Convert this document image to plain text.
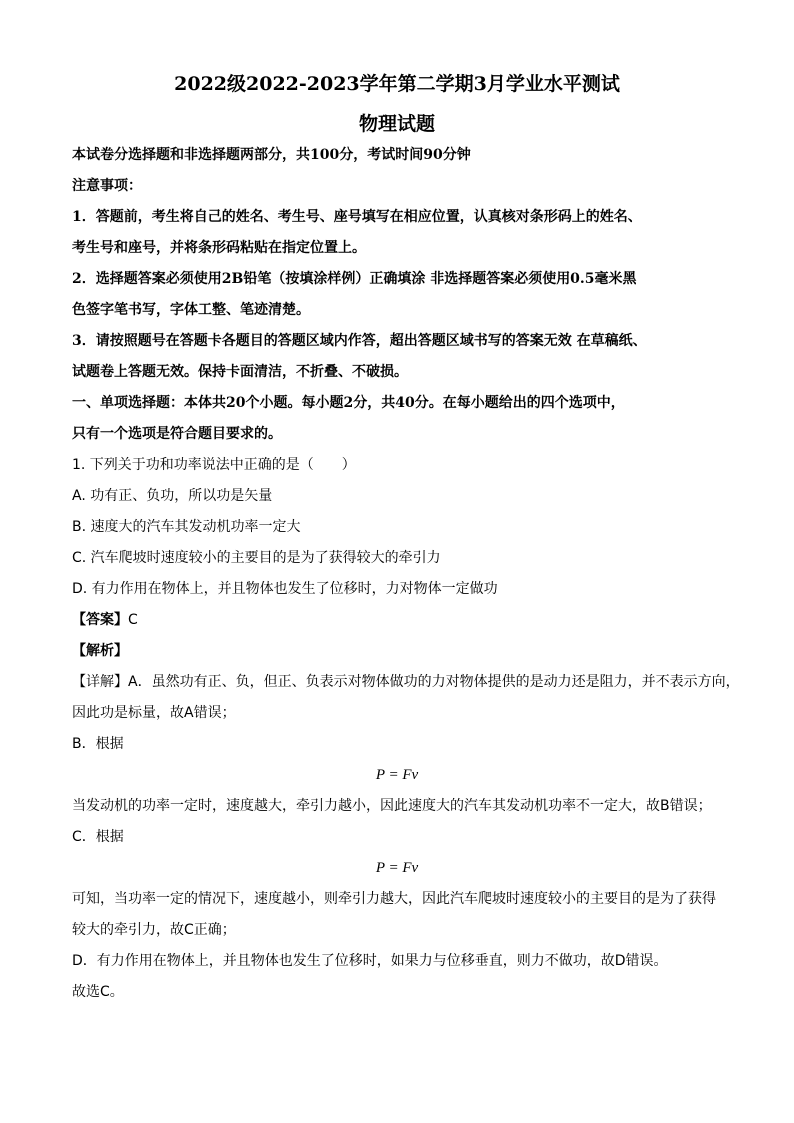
2022级2022-2023学年第二学期3月学业水平测试
物理试题
本试卷分选择题和非选择题两部分，共100分，考试时间90分钟
注意事项：
1．答题前，考生将自己的姓名、考生号、座号填写在相应位置，认真核对条形码上的姓名、
考生号和座号，并将条形码粘贴在指定位置上。
2．选择题答案必须使用2B铅笔（按填涂样例）正确填涂 非选择题答案必须使用0.5毫米黑
色签字笔书写，字体工整、笔迹清楚。
3．请按照题号在答题卡各题目的答题区域内作答，超出答题区域书写的答案无效 在草稿纸、
试题卷上答题无效。保持卡面清洁，不折叠、不破损。
一、单项选择题：本体共20个小题。每小题2分，共40分。在每小题给出的四个选项中，
只有一个选项是符合题目要求的。
1. 下列关于功和功率说法中正确的是（　　）
A. 功有正、负功，所以功是矢量
B. 速度大的汽车其发动机功率一定大
C. 汽车爬坡时速度较小的主要目的是为了获得较大的牵引力
D. 有力作用在物体上，并且物体也发生了位移时，力对物体一定做功
【答案】C
【解析】
【详解】A．虽然功有正、负，但正、负表示对物体做功的力对物体提供的是动力还是阻力，并不表示方向，
因此功是标量，故A错误；
B．根据
P = Fv
当发动机的功率一定时，速度越大，牵引力越小，因此速度大的汽车其发动机功率不一定大，故B错误；
C．根据
P = Fv
可知，当功率一定的情况下，速度越小，则牵引力越大，因此汽车爬坡时速度较小的主要目的是为了获得
较大的牵引力，故C正确；
D．有力作用在物体上，并且物体也发生了位移时，如果力与位移垂直，则力不做功，故D错误。
故选C。
